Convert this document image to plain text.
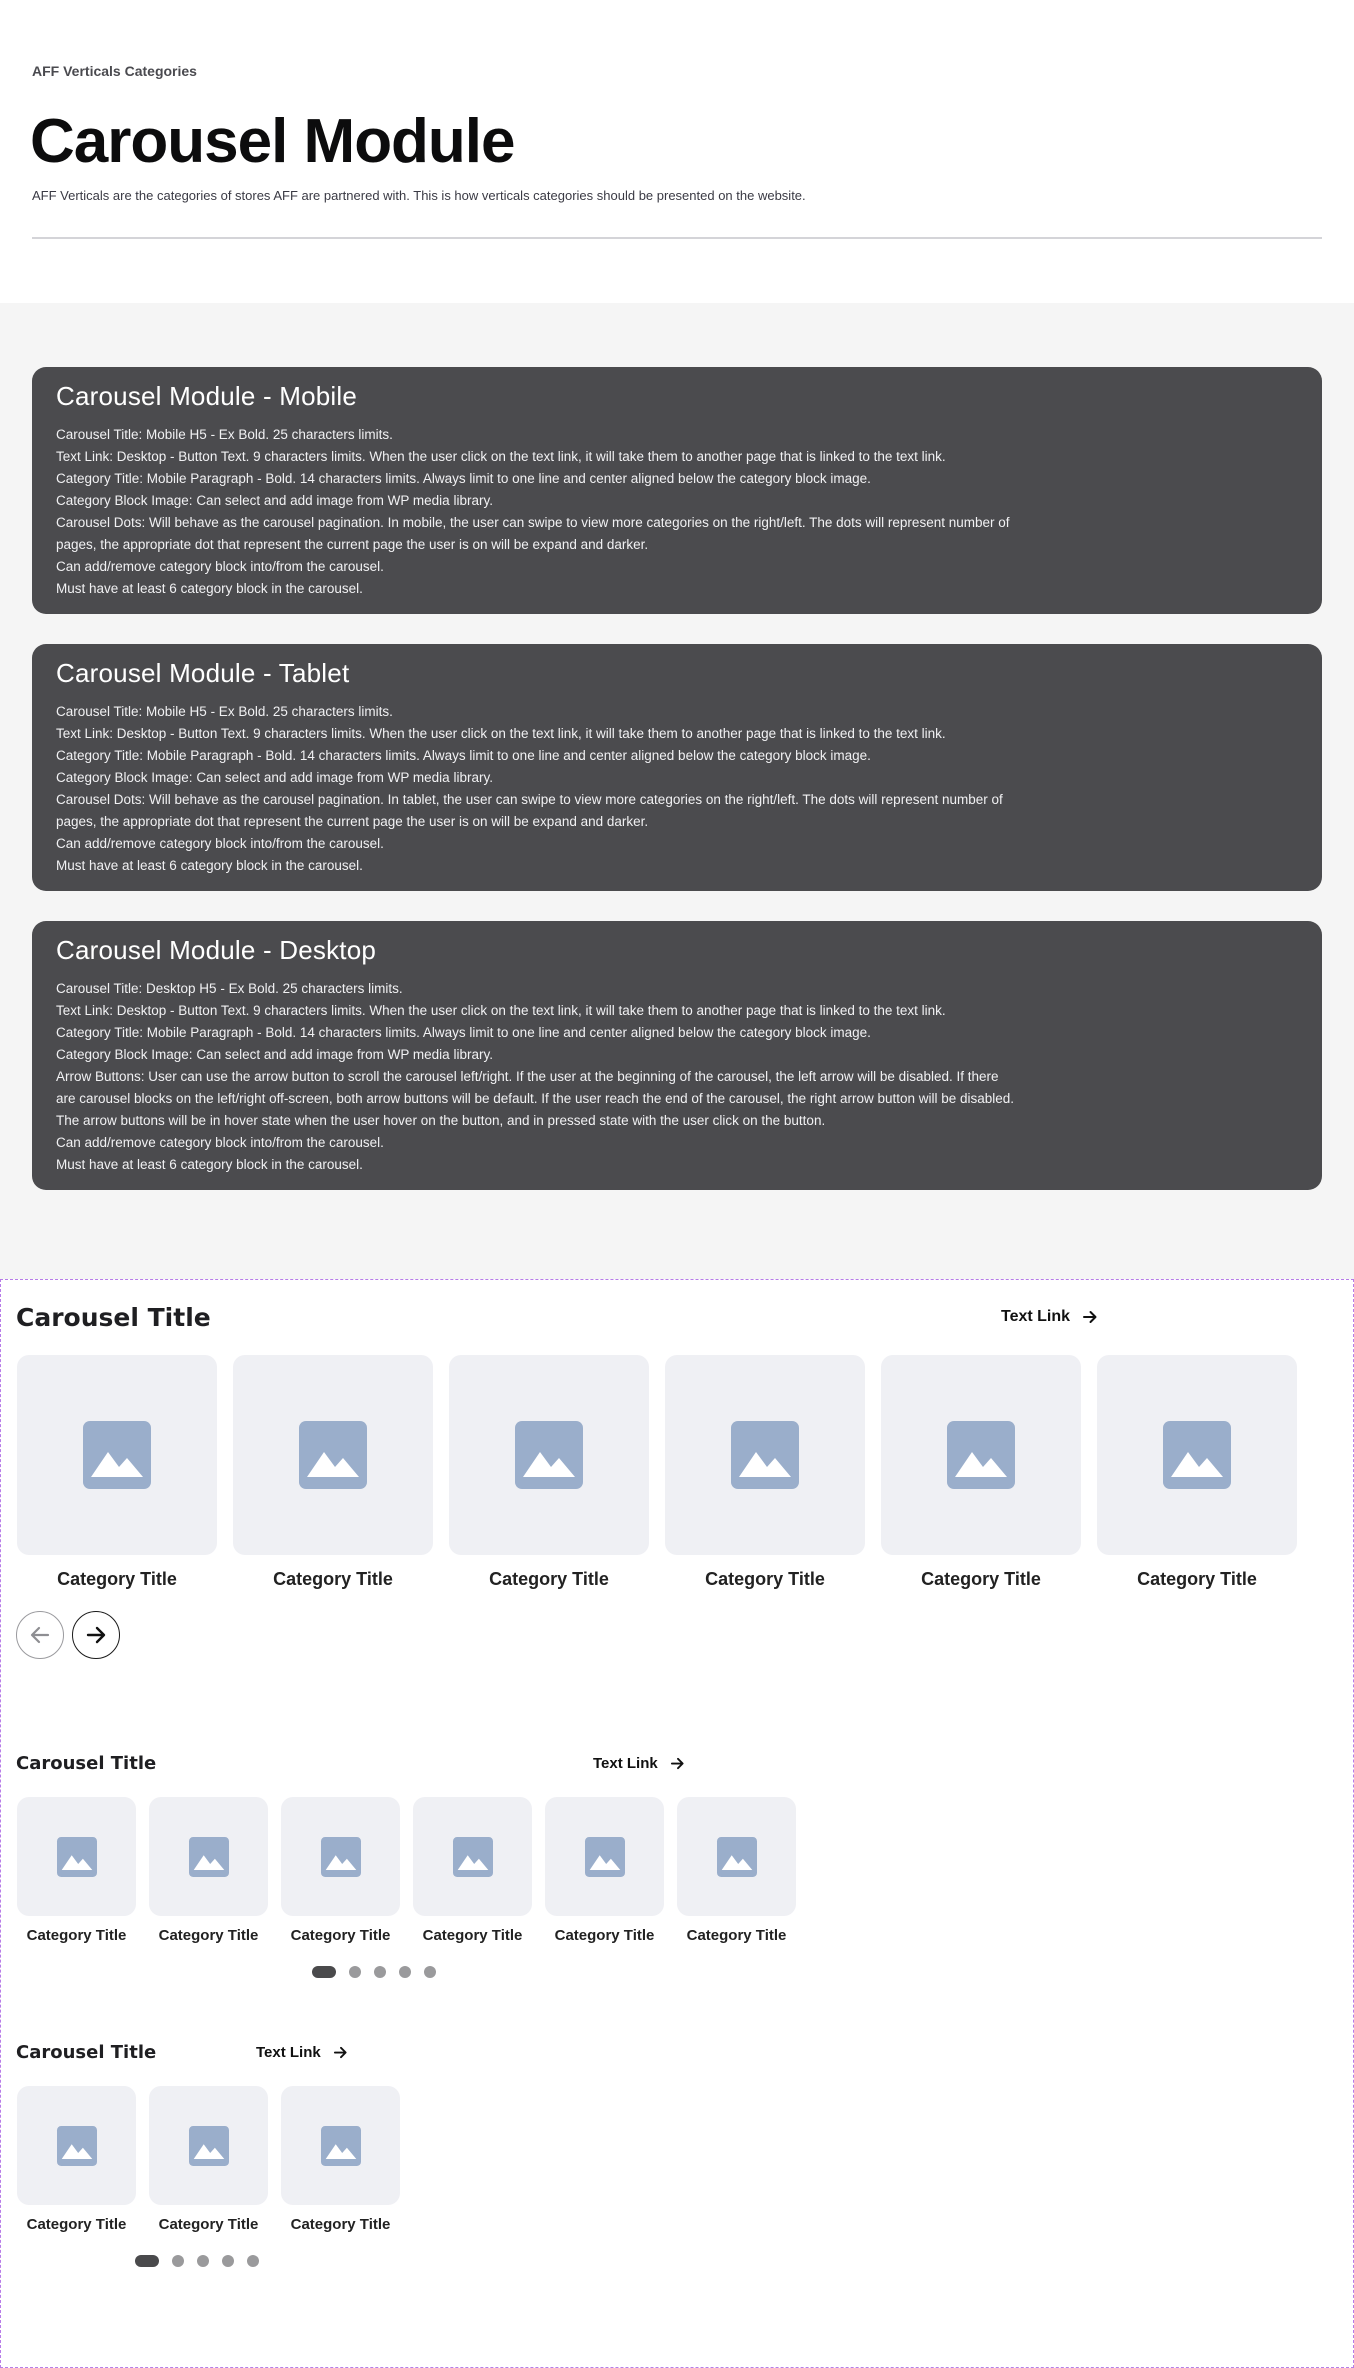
AFF Verticals Categories
Carousel Module

AFF Verticals are the categories of stores AFF are partnered with. This is how verticals categories should be presented on the website.

Carousel Module - Mobile
Carousel Title: Mobile H5 - Ex Bold. 25 characters limits.
Text Link: Desktop - Button Text. 9 characters limits. When the user click on the text link, it will take them to another page that is linked to the text link.
Category Title: Mobile Paragraph - Bold. 14 characters limits. Always limit to one line and center aligned below the category block image.
Category Block Image: Can select and add image from WP media library.
Carousel Dots: Will behave as the carousel pagination. In mobile, the user can swipe to view more categories on the right/left. The dots will represent number of pages, the appropriate dot that represent the current page the user is on will be expand and darker.
Can add/remove category block into/from the carousel.
Must have at least 6 category block in the carousel.
Carousel Module - Tablet
Carousel Title: Mobile H5 - Ex Bold. 25 characters limits.
Text Link: Desktop - Button Text. 9 characters limits. When the user click on the text link, it will take them to another page that is linked to the text link.
Category Title: Mobile Paragraph - Bold. 14 characters limits. Always limit to one line and center aligned below the category block image.
Category Block Image: Can select and add image from WP media library.
Carousel Dots: Will behave as the carousel pagination. In tablet, the user can swipe to view more categories on the right/left. The dots will represent number of pages, the appropriate dot that represent the current page the user is on will be expand and darker.
Can add/remove category block into/from the carousel.
Must have at least 6 category block in the carousel.
Carousel Module - Desktop
Carousel Title: Desktop H5 - Ex Bold. 25 characters limits.
Text Link: Desktop - Button Text. 9 characters limits. When the user click on the text link, it will take them to another page that is linked to the text link.
Category Title: Mobile Paragraph - Bold. 14 characters limits. Always limit to one line and center aligned below the category block image.
Category Block Image: Can select and add image from WP media library.
Arrow Buttons: User can use the arrow button to scroll the carousel left/right. If the user at the beginning of the carousel, the left arrow will be disabled. If there are carousel blocks on the left/right off-screen, both arrow buttons will be default. If the user reach the end of the carousel, the right arrow button will be disabled. The arrow buttons will be in hover state when the user hover on the button, and in pressed state with the user click on the button.
Can add/remove category block into/from the carousel.
Must have at least 6 category block in the carousel.
Carousel Title	Text Link
Category Title	Category Title	Category Title	Category Title	Category Title	Category Title
Carousel Title	Text Link
Category Title	Category Title	Category Title	Category Title	Category Title	Category Title
Carousel Title	Text Link
Category Title	Category Title	Category Title
